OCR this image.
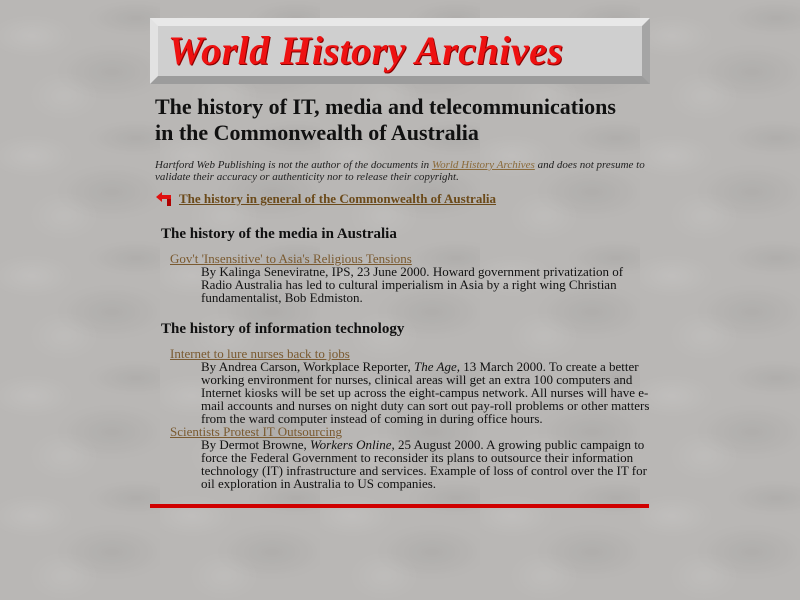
World History Archives
The history of IT, media and telecommunications
in the Commonwealth of Australia
Hartford Web Publishing is not the author of the documents in World History Archives and does not presume to validate their accuracy or authenticity nor to release their copyright.
The history in general of the Commonwealth of Australia
The history of the media in Australia
Gov't 'Insensitive' to Asia's Religious Tensions
By Kalinga Seneviratne, IPS, 23 June 2000. Howard government privatization of Radio Australia has led to cultural imperialism in Asia by a right wing Christian fundamentalist, Bob Edmiston.
The history of information technology
Internet to lure nurses back to jobs
By Andrea Carson, Workplace Reporter, The Age, 13 March 2000. To create a better working environment for nurses, clinical areas will get an extra 100 computers and Internet kiosks will be set up across the eight-campus network. All nurses will have e-mail accounts and nurses on night duty can sort out pay-roll problems or other matters from the ward computer instead of coming in during office hours.
Scientists Protest IT Outsourcing
By Dermot Browne, Workers Online, 25 August 2000. A growing public campaign to force the Federal Government to reconsider its plans to outsource their information technology (IT) infrastructure and services. Example of loss of control over the IT for oil exploration in Australia to US companies.
